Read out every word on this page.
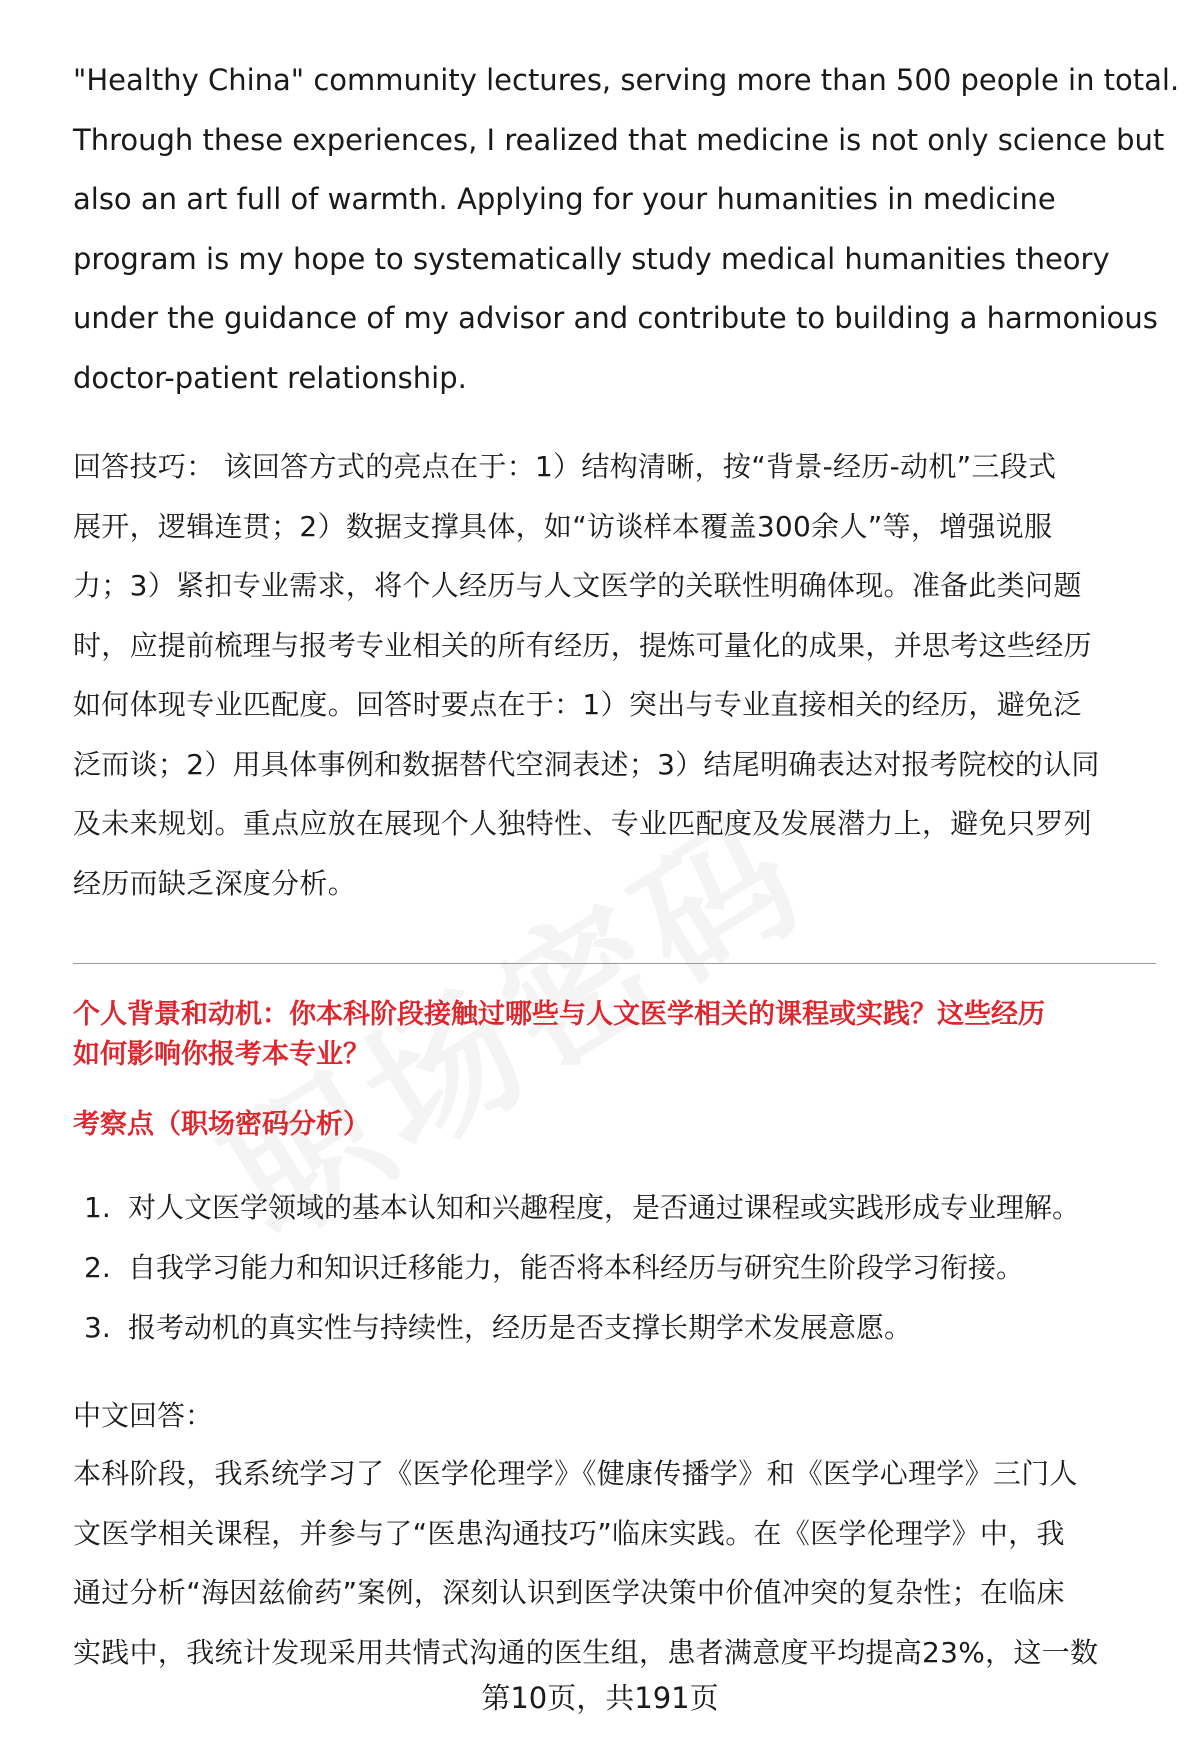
"Healthy China" community lectures, serving more than 500 people in total.
Through these experiences, I realized that medicine is not only science but
also an art full of warmth. Applying for your humanities in medicine
program is my hope to systematically study medical humanities theory
under the guidance of my advisor and contribute to building a harmonious
doctor-patient relationship.
回答技巧： 该回答方式的亮点在于：1）结构清晰，按“背景-经历-动机”三段式
展开，逻辑连贯；2）数据支撑具体，如“访谈样本覆盖300余人”等，增强说服
力；3）紧扣专业需求，将个人经历与人文医学的关联性明确体现。准备此类问题
时，应提前梳理与报考专业相关的所有经历，提炼可量化的成果，并思考这些经历
如何体现专业匹配度。回答时要点在于：1）突出与专业直接相关的经历，避免泛
泛而谈；2）用具体事例和数据替代空洞表述；3）结尾明确表达对报考院校的认同
及未来规划。重点应放在展现个人独特性、专业匹配度及发展潜力上，避免只罗列
经历而缺乏深度分析。
个人背景和动机：你本科阶段接触过哪些与人文医学相关的课程或实践？这些经历
如何影响你报考本专业？
考察点（职场密码分析）
1. 对人文医学领域的基本认知和兴趣程度，是否通过课程或实践形成专业理解。
2. 自我学习能力和知识迁移能力，能否将本科经历与研究生阶段学习衔接。
3. 报考动机的真实性与持续性，经历是否支撑长期学术发展意愿。
中文回答：
本科阶段，我系统学习了《医学伦理学》《健康传播学》和《医学心理学》三门人
文医学相关课程，并参与了“医患沟通技巧”临床实践。在《医学伦理学》中，我
通过分析“海因兹偷药”案例，深刻认识到医学决策中价值冲突的复杂性；在临床
实践中，我统计发现采用共情式沟通的医生组，患者满意度平均提高23%，这一数
第10页，共191页
